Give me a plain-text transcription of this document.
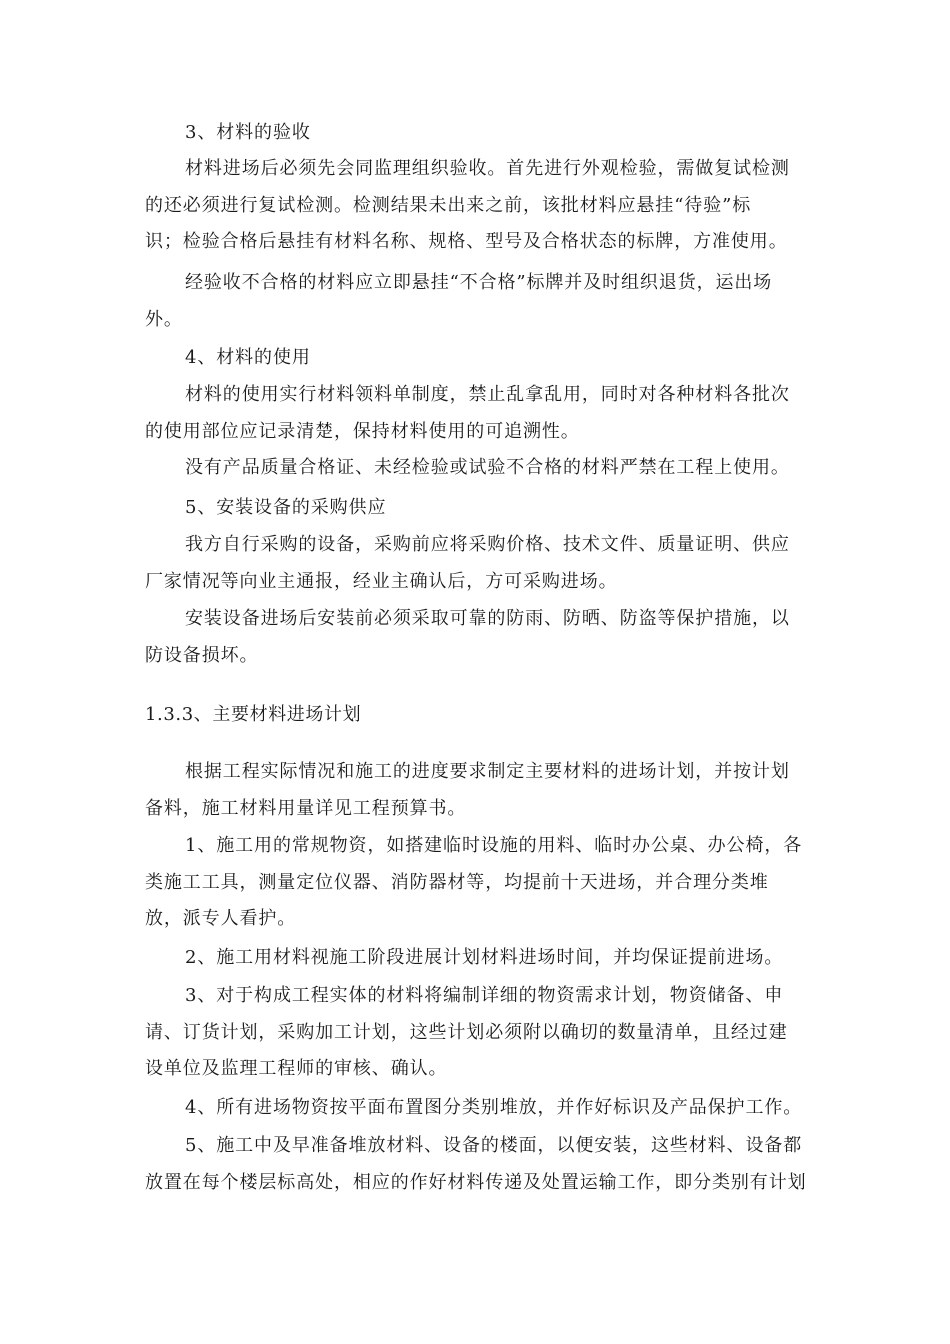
3、材料的验收
材料进场后必须先会同监理组织验收。首先进行外观检验，需做复试检测
的还必须进行复试检测。检测结果未出来之前，该批材料应悬挂“待验”标
识；检验合格后悬挂有材料名称、规格、型号及合格状态的标牌，方准使用。
经验收不合格的材料应立即悬挂“不合格”标牌并及时组织退货，运出场
外。
4、材料的使用
材料的使用实行材料领料单制度，禁止乱拿乱用，同时对各种材料各批次
的使用部位应记录清楚，保持材料使用的可追溯性。
没有产品质量合格证、未经检验或试验不合格的材料严禁在工程上使用。
5、安装设备的采购供应
我方自行采购的设备，采购前应将采购价格、技术文件、质量证明、供应
厂家情况等向业主通报，经业主确认后，方可采购进场。
安装设备进场后安装前必须采取可靠的防雨、防晒、防盗等保护措施，以
防设备损坏。
1.3.3、主要材料进场计划
根据工程实际情况和施工的进度要求制定主要材料的进场计划，并按计划
备料，施工材料用量详见工程预算书。
1、施工用的常规物资，如搭建临时设施的用料、临时办公桌、办公椅，各
类施工工具，测量定位仪器、消防器材等，均提前十天进场，并合理分类堆
放，派专人看护。
2、施工用材料视施工阶段进展计划材料进场时间，并均保证提前进场。
3、对于构成工程实体的材料将编制详细的物资需求计划，物资储备、申
请、订货计划，采购加工计划，这些计划必须附以确切的数量清单，且经过建
设单位及监理工程师的审核、确认。
4、所有进场物资按平面布置图分类别堆放，并作好标识及产品保护工作。
5、施工中及早准备堆放材料、设备的楼面，以便安装，这些材料、设备都
放置在每个楼层标高处，相应的作好材料传递及处置运输工作，即分类别有计划
